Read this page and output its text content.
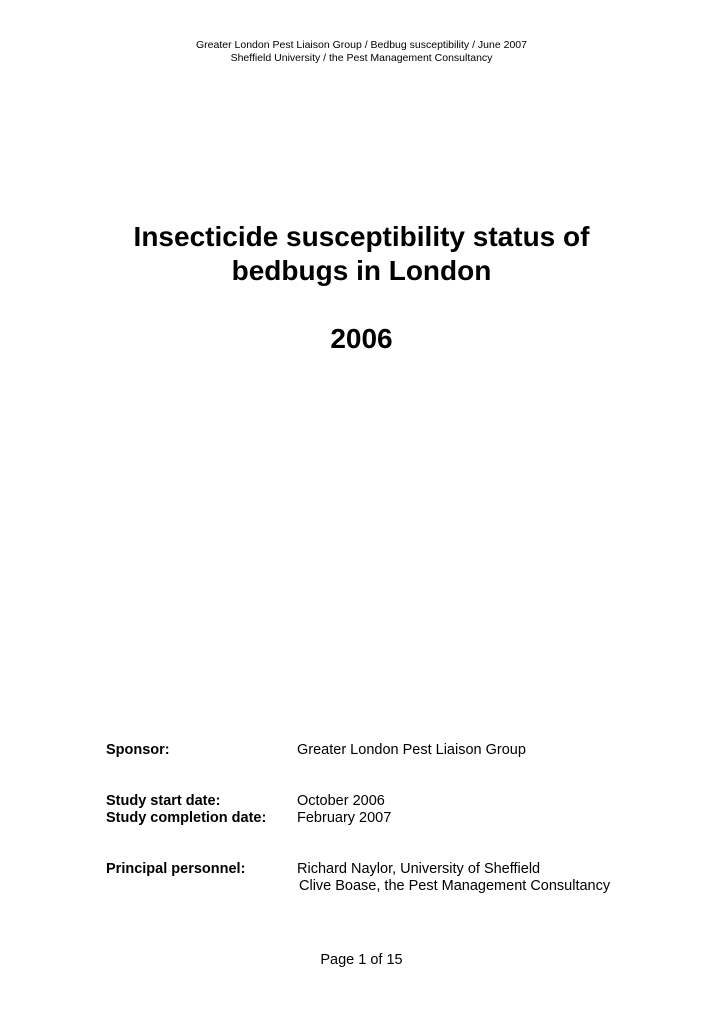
Greater London Pest Liaison Group / Bedbug susceptibility / June 2007
Sheffield University / the Pest Management Consultancy
Insecticide susceptibility status of
bedbugs in London
2006
Sponsor:	Greater London Pest Liaison Group
Study start date:	October 2006
Study completion date: February 2007
Principal personnel:	Richard Naylor, University of Sheffield
Clive Boase, the Pest Management Consultancy
Page 1 of 15
